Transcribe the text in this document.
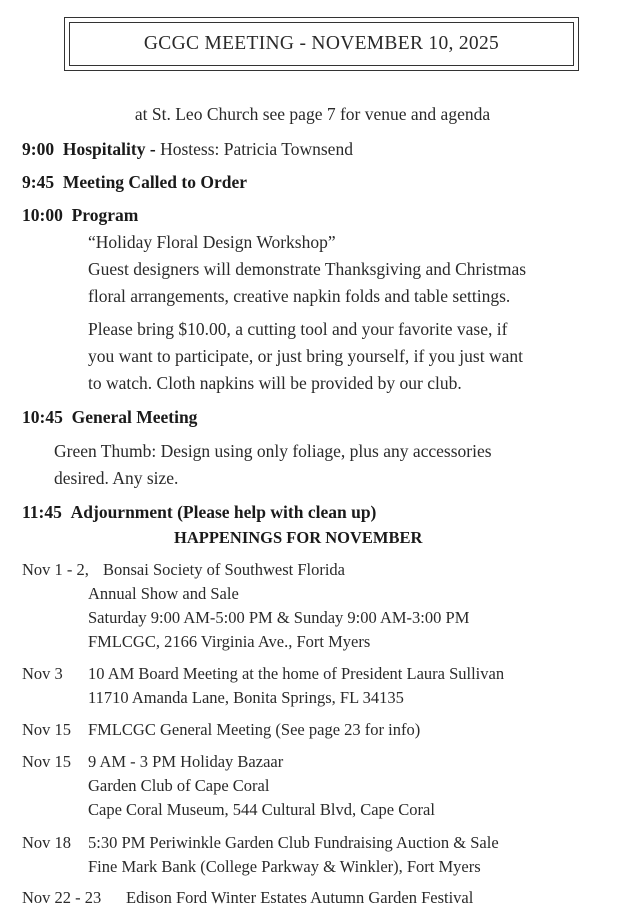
GCGC MEETING - NOVEMBER 10, 2025
at St. Leo Church see page 7 for venue and agenda
9:00 Hospitality - Hostess: Patricia Townsend
9:45 Meeting Called to Order
10:00 Program
“Holiday Floral Design Workshop”
Guest designers will demonstrate Thanksgiving and Christmas
floral arrangements, creative napkin folds and table settings.
Please bring $10.00, a cutting tool and your favorite vase, if
you want to participate, or just bring yourself, if you just want
to watch. Cloth napkins will be provided by our club.
10:45 General Meeting
Green Thumb: Design using only foliage, plus any accessories
desired. Any size.
11:45 Adjournment (Please help with clean up)
HAPPENINGS FOR NOVEMBER
Nov 1 - 2, Bonsai Society of Southwest Florida
Annual Show and Sale
Saturday 9:00 AM-5:00 PM & Sunday 9:00 AM-3:00 PM
FMLCGC, 2166 Virginia Ave., Fort Myers
Nov 3 10 AM Board Meeting at the home of President Laura Sullivan
11710 Amanda Lane, Bonita Springs, FL 34135
Nov 15 FMLCGC General Meeting (See page 23 for info)
Nov 15 9 AM - 3 PM Holiday Bazaar
Garden Club of Cape Coral
Cape Coral Museum, 544 Cultural Blvd, Cape Coral
Nov 18 5:30 PM Periwinkle Garden Club Fundraising Auction & Sale
Fine Mark Bank (College Parkway & Winkler), Fort Myers
Nov 22 - 23 Edison Ford Winter Estates Autumn Garden Festival
